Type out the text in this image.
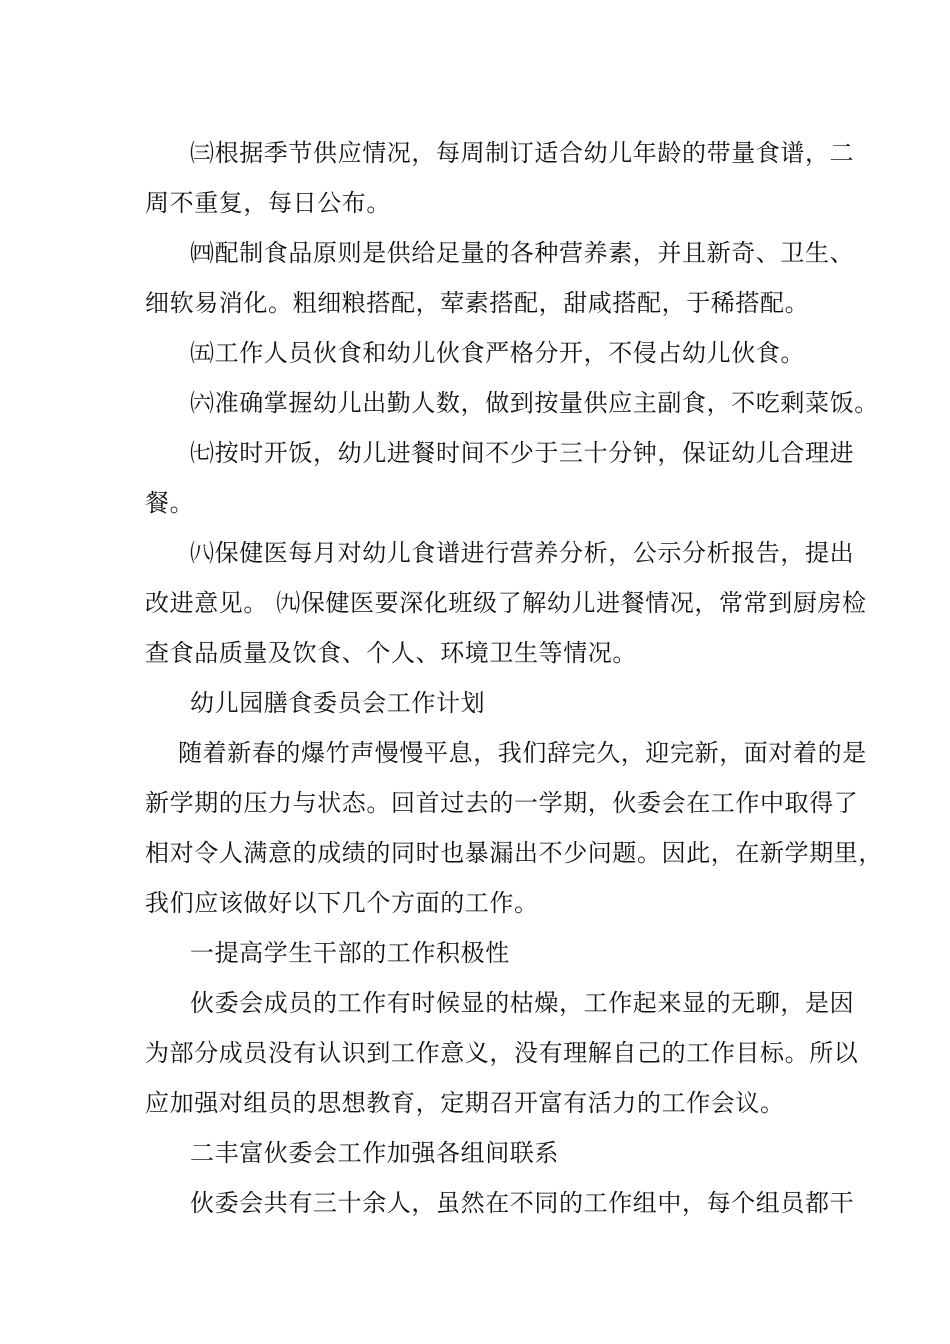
㈢根据季节供应情况，每周制订适合幼儿年龄的带量食谱，二
周不重复，每日公布。
㈣配制食品原则是供给足量的各种营养素，并且新奇、卫生、
细软易消化。粗细粮搭配，荤素搭配，甜咸搭配，于稀搭配。
㈤工作人员伙食和幼儿伙食严格分开，不侵占幼儿伙食。
㈥准确掌握幼儿出勤人数，做到按量供应主副食，不吃剩菜饭。
㈦按时开饭，幼儿进餐时间不少于三十分钟，保证幼儿合理进
餐。
㈧保健医每月对幼儿食谱进行营养分析，公示分析报告，提出
改进意见。 ㈨保健医要深化班级了解幼儿进餐情况，常常到厨房检
查食品质量及饮食、个人、环境卫生等情况。
幼儿园膳食委员会工作计划
随着新春的爆竹声慢慢平息，我们辞完久，迎完新，面对着的是
新学期的压力与状态。回首过去的一学期，伙委会在工作中取得了
相对令人满意的成绩的同时也暴漏出不少问题。因此，在新学期里，
我们应该做好以下几个方面的工作。
一提高学生干部的工作积极性
伙委会成员的工作有时候显的枯燥，工作起来显的无聊，是因
为部分成员没有认识到工作意义，没有理解自己的工作目标。所以
应加强对组员的思想教育，定期召开富有活力的工作会议。
二丰富伙委会工作加强各组间联系
伙委会共有三十余人，虽然在不同的工作组中，每个组员都干
